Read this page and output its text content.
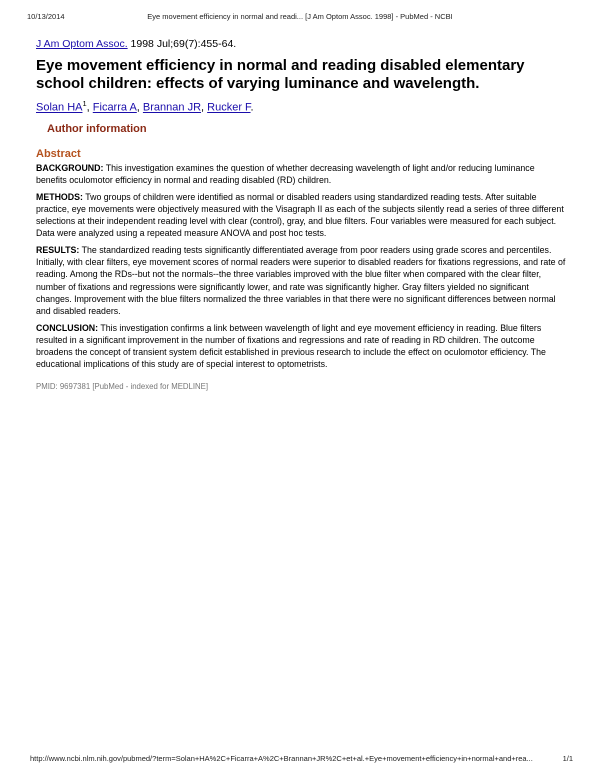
10/13/2014	Eye movement efficiency in normal and readi... [J Am Optom Assoc. 1998] - PubMed - NCBI

J Am Optom Assoc. 1998 Jul;69(7):455-64.

Eye movement efficiency in normal and reading disabled elementary school children: effects of varying luminance and wavelength.

Solan $HA^1$, Ficarra A, Brannan JR, Rucker F.

Author information
Abstract

BACKGROUND: This investigation examines the question of whether decreasing wavelength of light and/or reducing luminance benefits oculomotor efficiency in normal and reading disabled (RD) children.

METHODS: Two groups of children were identified as normal or disabled readers using standardized reading tests. After suitable practice, eye movements were objectively measured with the Visagraph II as each of the subjects silently read a series of three different selections at their independent reading level with clear (control), gray, and blue filters. Four variables were measured for each subject. Data were analyzed using a repeated measure ANOVA and post hoc tests.

RESULTS: The standardized reading tests significantly differentiated average from poor readers using grade scores and percentiles. Initially, with clear filters, eye movement scores of normal readers were superior to disabled readers for fixations regressions, and rate of reading. Among the RDs--but not the normals--the three variables improved with the blue filter when compared with the clear filter, number of fixations and regressions were significantly lower, and rate was significantly higher. Gray filters yielded no significant changes. Improvement with the blue filters normalized the three variables in that there were no significant differences between normal and disabled readers.

CONCLUSION: This investigation confirms a link between wavelength of light and eye movement efficiency in reading. Blue filters resulted in a significant improvement in the number of fixations and regressions and rate of reading in RD children. The outcome broadens the concept of transient system deficit established in previous research to include the effect on oculomotor efficiency. The educational implications of this study are of special interest to optometrists.

PMID: 9697381 [PubMed - indexed for MEDLINE]
http://www.ncbi.nlm.nih.gov/pubmed/?term=Solan+HA%2C+Ficarra+A%2C+Brannan+JR%2C+et+al.+Eye+movement+efficiency+in+normal+and+rea...	1/1
